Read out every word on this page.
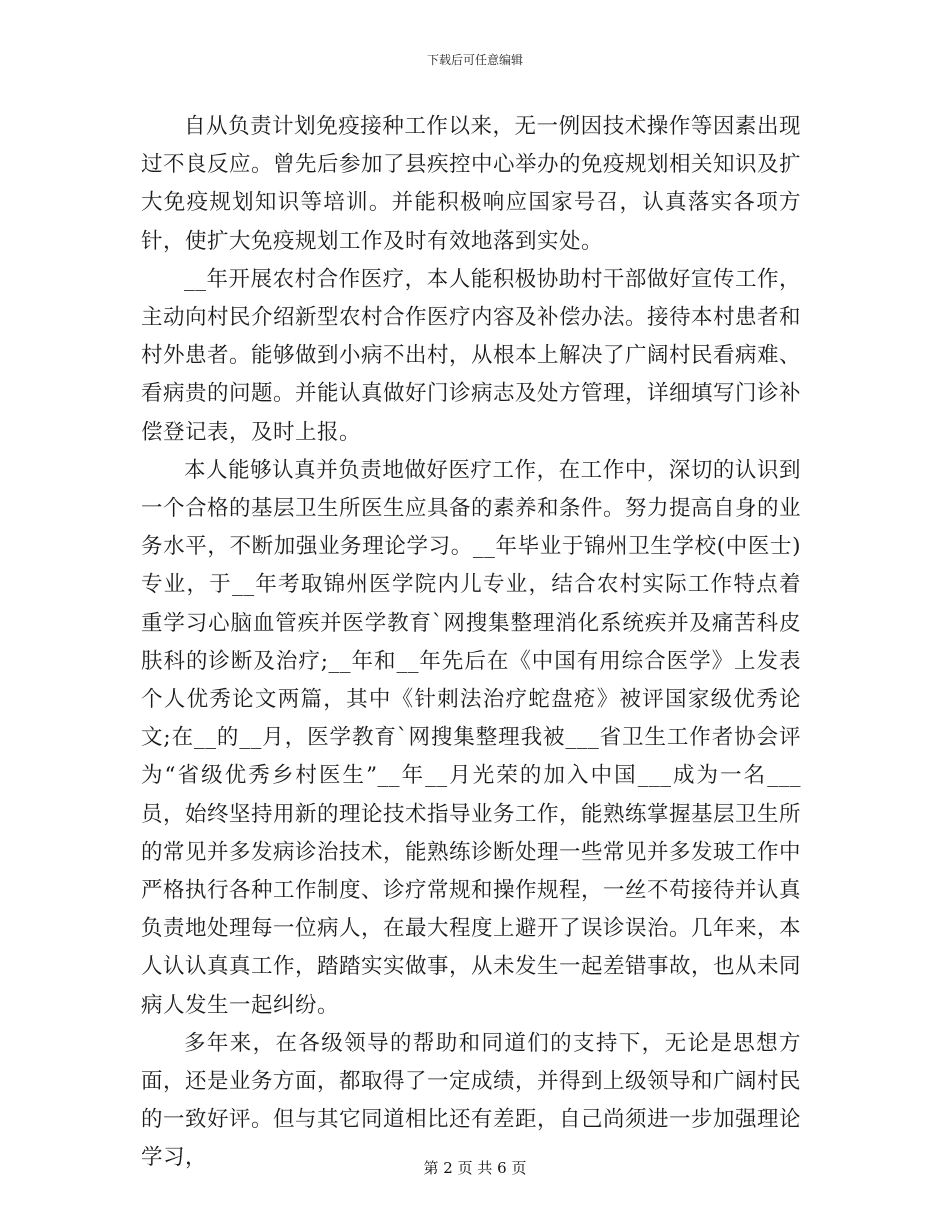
下载后可任意编辑

自从负责计划免疫接种工作以来，无一例因技术操作等因素出现过不良反应。曾先后参加了县疾控中心举办的免疫规划相关知识及扩大免疫规划知识等培训。并能积极响应国家号召，认真落实各项方针，使扩大免疫规划工作及时有效地落到实处。

__年开展农村合作医疗，本人能积极协助村干部做好宣传工作，主动向村民介绍新型农村合作医疗内容及补偿办法。接待本村患者和村外患者。能够做到小病不出村，从根本上解决了广阔村民看病难、看病贵的问题。并能认真做好门诊病志及处方管理，详细填写门诊补偿登记表，及时上报。

本人能够认真并负责地做好医疗工作，在工作中，深切的认识到一个合格的基层卫生所医生应具备的素养和条件。努力提高自身的业务水平，不断加强业务理论学习。__年毕业于锦州卫生学校(中医士)专业，于__年考取锦州医学院内儿专业，结合农村实际工作特点着重学习心脑血管疾并医学教育`网搜集整理消化系统疾并及痛苦科皮肤科的诊断及治疗;__年和__年先后在《中国有用综合医学》上发表个人优秀论文两篇，其中《针刺法治疗蛇盘疮》被评国家级优秀论文;在__的__月，医学教育`网搜集整理我被___省卫生工作者协会评为“省级优秀乡村医生”__年__月光荣的加入中国___成为一名___员，始终坚持用新的理论技术指导业务工作，能熟练掌握基层卫生所的常见并多发病诊治技术，能熟练诊断处理一些常见并多发玻工作中严格执行各种工作制度、诊疗常规和操作规程，一丝不苟接待并认真负责地处理每一位病人，在最大程度上避开了误诊误治。几年来，本人认认真真工作，踏踏实实做事，从未发生一起差错事故，也从未同病人发生一起纠纷。

多年来，在各级领导的帮助和同道们的支持下，无论是思想方面，还是业务方面，都取得了一定成绩，并得到上级领导和广阔村民的一致好评。但与其它同道相比还有差距，自己尚须进一步加强理论学习，	第 2 页 共 6 页
